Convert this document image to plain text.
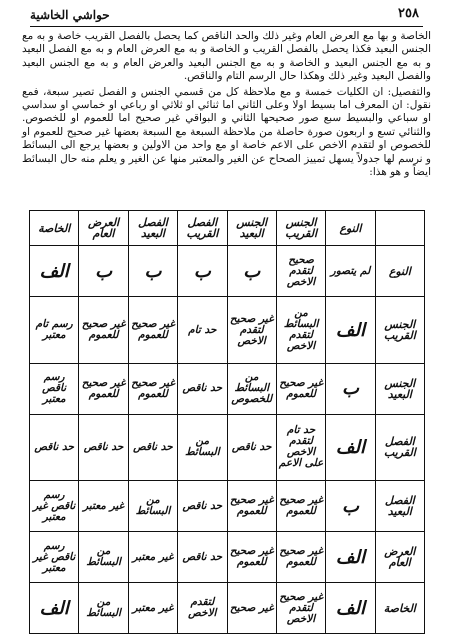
حواشي الخاشية	٢٥٨

الخاصة و بها مع العرض العام وغير ذلك والحد الناقص كما يحصل بالفصل القريب خاصة و به مع الجنس البعيد فكذا يحصل بالفصل القريب و الخاصة و به مع العرض العام و به مع الفصل البعيد و به مع الجنس البعيد و الخاصة و به مع الجنس البعيد والعرض العام و به مع الجنس البعيد والفصل البعيد وغير ذلك وهكذا حال الرسم التام والناقص.

والتفصيل: ان الكليات خمسة و مع ملاحظة كل من قسمي الجنس و الفصل تصير سبعة، فمع نقول: ان المعرف اما بسيط اولا وعلى الثاني اما ثنائي او ثلاثي او رباعي او خماسي او سداسي او سباعي والبسيط سبع صور صحيحها الثاني و البواقي غير صحيح اما للعموم او للخصوص. والثنائي تسع و اربعون صورة حاصلة من ملاحظة السبعة مع السبعة بعضها غير صحيح للعموم او للخصوص او لتقدم الاخص على الاعم خاصة او مع واحد من الاولين و بعضها يرجع الى البسائط و نرسم لها جدولاً يسهل تمييز الصحاح عن الغير والمعتبر منها عن الغير و يعلم منه حال البسائط ايضاً و هو هذا:

	النوع	الجنس القريب	الجنس البعيد	الفصل القريب	الفصل البعيد	العرض العام	الخاصة
النوع	لم يتصور	صحيح لتقدم الاخص	ب	ب	ب	ب	الف
الجنس القريب	الف	من البسائط لتقدم الاخص	غير صحيح لتقدم الاخص	حد تام	غير صحيح للعموم	غير صحيح للعموم	رسم تام معتبر
الجنس البعيد	ب	غير صحيح للعموم	من البسائط للخصوص	حد ناقص	غير صحيح للعموم	غير صحيح للعموم	رسم ناقص معتبر
الفصل القريب	الف	حد تام لتقدم الاخص على الاعم	حد ناقص	من البسائط	حد ناقص	حد ناقص	حد ناقص
الفصل البعيد	ب	غير صحيح للعموم	غير صحيح للعموم	حد ناقص	من البسائط	غير معتبر	رسم ناقص غير معتبر
العرض العام	الف	غير صحيح للعموم	غير صحيح للعموم	حد ناقص	غير معتبر	من البسائط	رسم ناقص غير معتبر
الخاصة	الف	غير صحيح لتقدم الاخص	غير صحيح	لتقدم الاخص	غير معتبر	من البسائط	الف
